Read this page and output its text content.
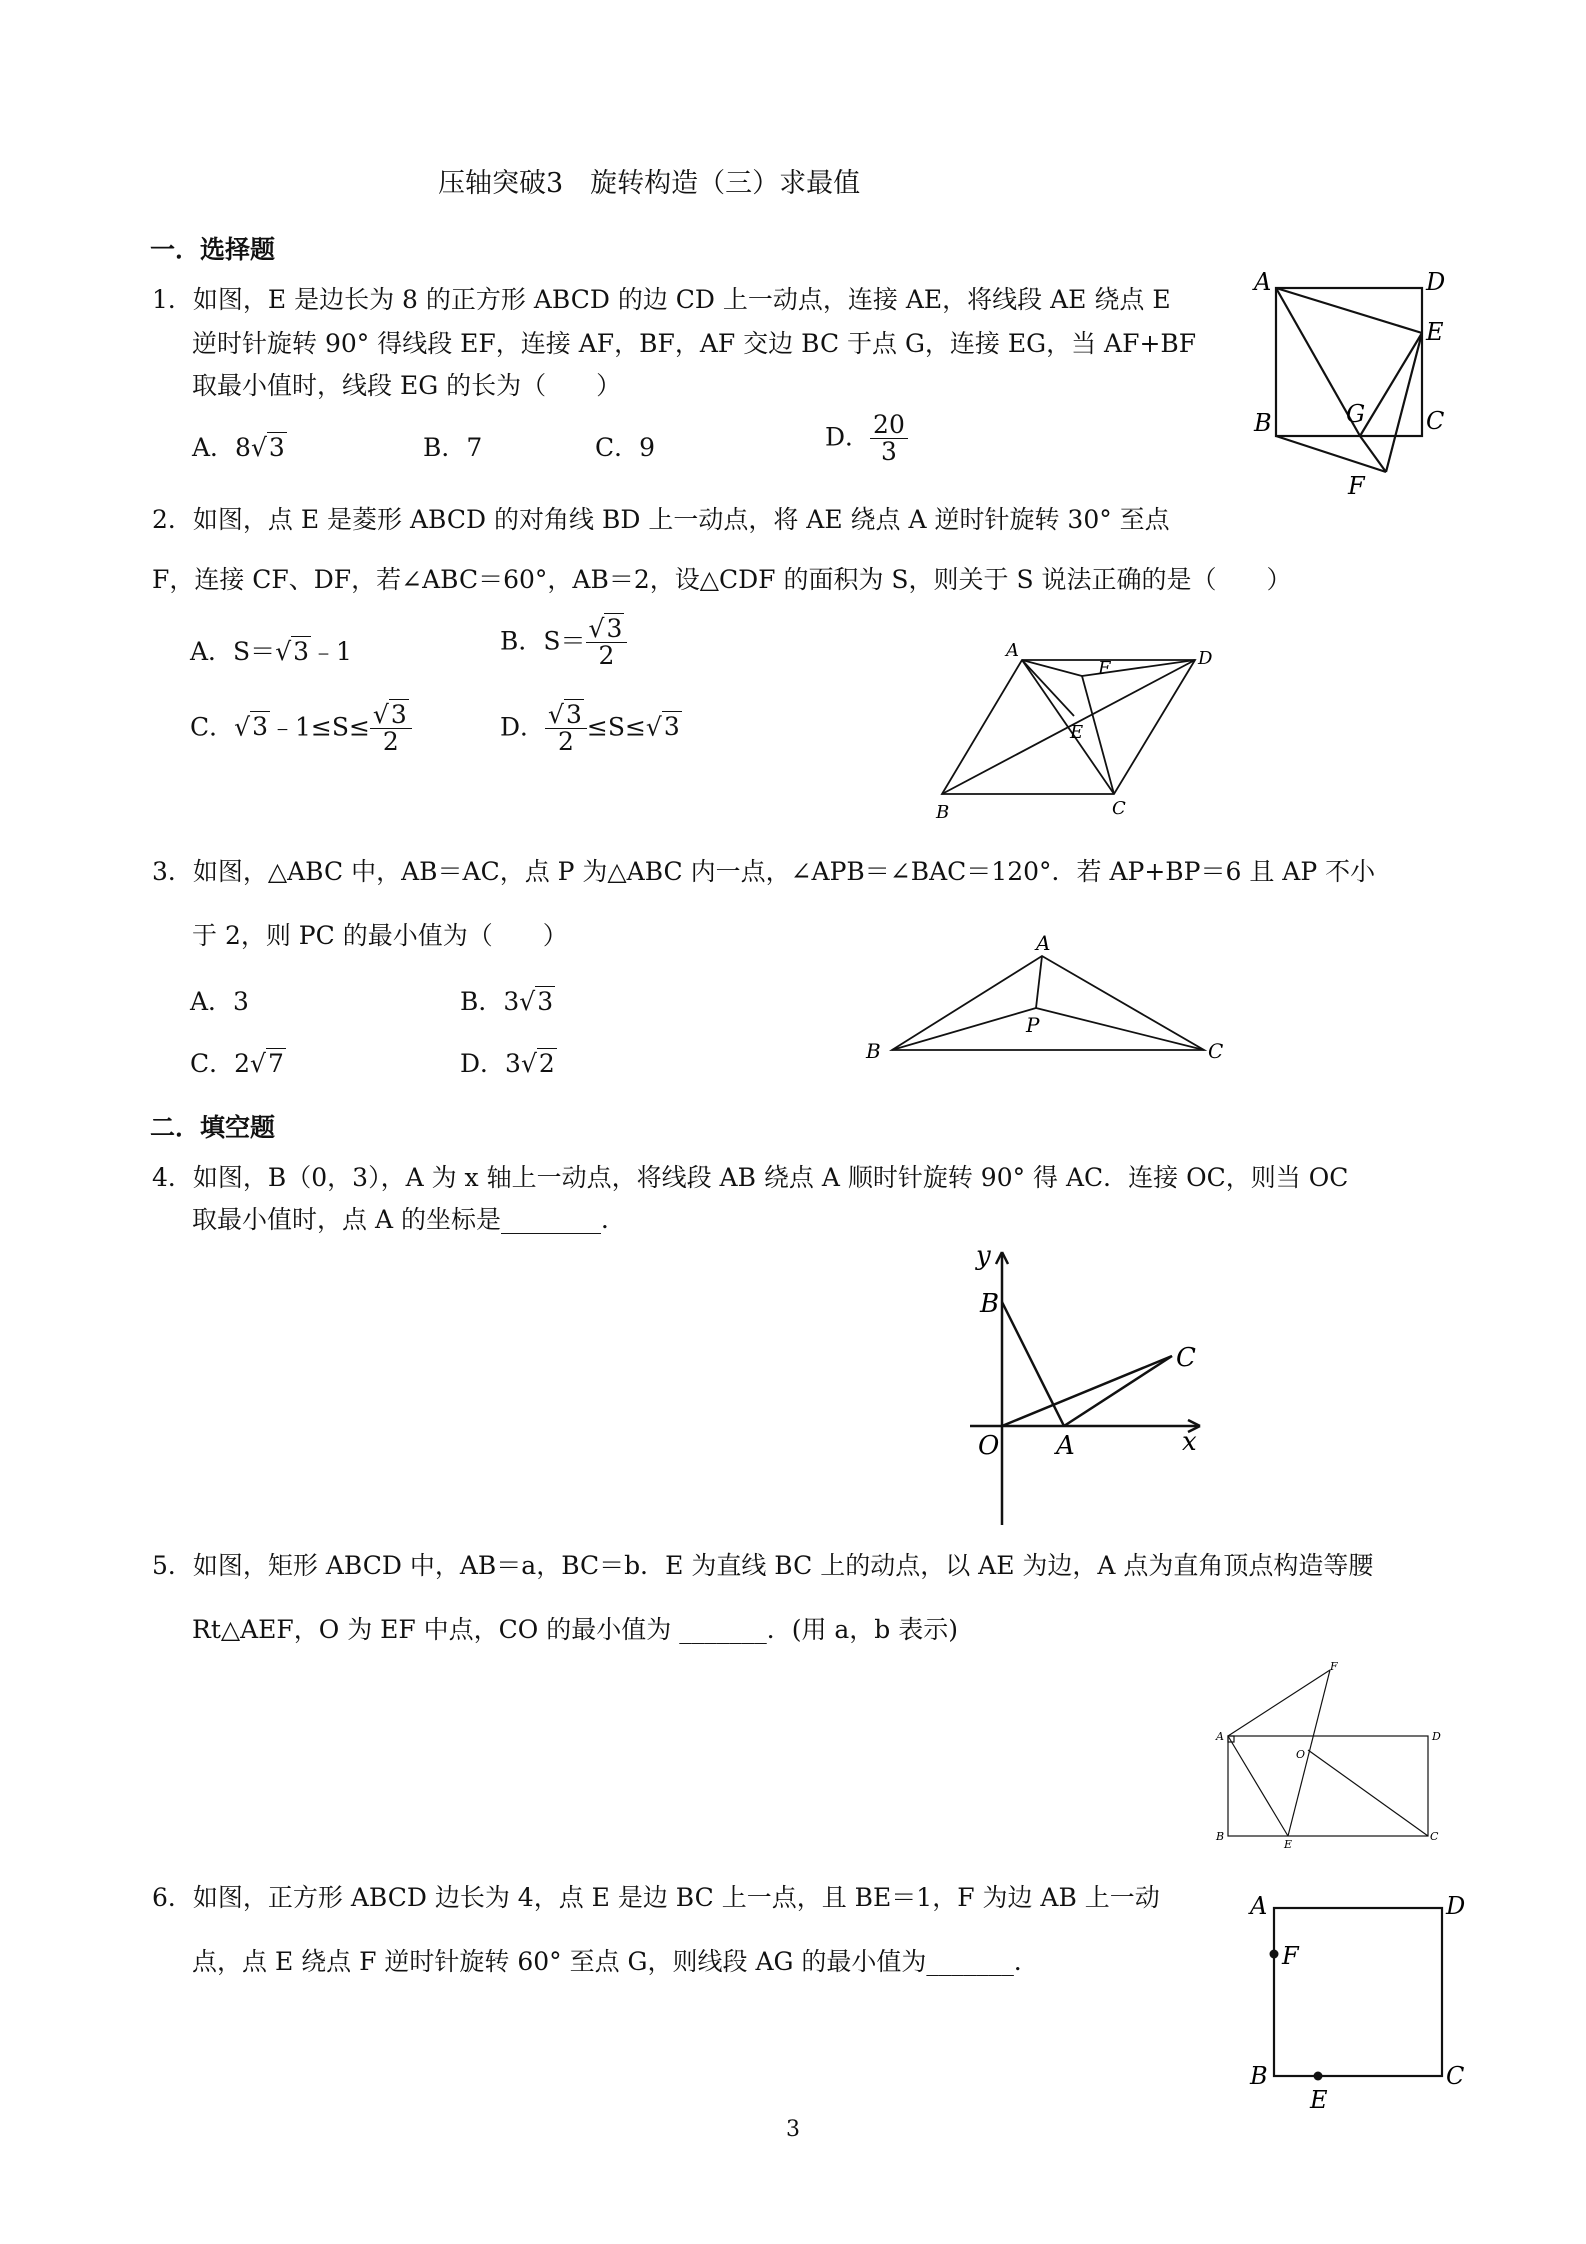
压轴突破3　旋转构造（三）求最值
一．选择题
1．如图，E 是边长为 8 的正方形 ABCD 的边 CD 上一动点，连接 AE，将线段 AE 绕点 E
逆时针旋转 90° 得线段 EF，连接 AF，BF，AF 交边 BC 于点 G，连接 EG，当 AF+BF
取最小值时，线段 EG 的长为（　　）
A．8√3	B．7	C．9	D． $\frac{20}{3}$
A	D
E
B	C
G
F
2．如图，点 E 是菱形 ABCD 的对角线 BD 上一动点，将 AE 绕点 A 逆时针旋转 30° 至点
F，连接 CF、DF，若∠ABC＝60°，AB＝2，设△CDF 的面积为 S，则关于 S 说法正确的是（　　）
A．S＝√3﹣1	B．$S= \frac{√3}{2}$
C．√3﹣1≤S≤ $\frac{√3}{2}$	D． $\frac{√3}{2} \le S\le√3$
A	D
F
E
C
B
3．如图，△ABC 中，AB＝AC，点 P 为△ABC 内一点，∠APB＝∠BAC＝120°．若 AP+BP＝6 且 AP 不小
于 2，则 PC 的最小值为（　　）
A．3	B．3√3
C．2√7	D．3√2
A
P
B	C
二．填空题
4．如图，B（0，3），A 为 x 轴上一动点，将线段 AB 绕点 A 顺时针旋转 90° 得 AC．连接 OC，则当 OC
取最小值时，点 A 的坐标是________．
y
x
O A
B
C
5．如图，矩形 ABCD 中，AB＝a，BC＝b．E 为直线 BC 上的动点，以 AE 为边，A 点为直角顶点构造等腰
Rt△AEF，O 为 EF 中点，CO 的最小值为 _______．(用 a，b 表示)
F
A	D
O
B
E
C
6．如图，正方形 ABCD 边长为 4，点 E 是边 BC 上一点，且 BE＝1，F 为边 AB 上一动
点，点 E 绕点 F 逆时针旋转 60° 至点 G，则线段 AG 的最小值为_______．
A	D
F
B	C
E
3
